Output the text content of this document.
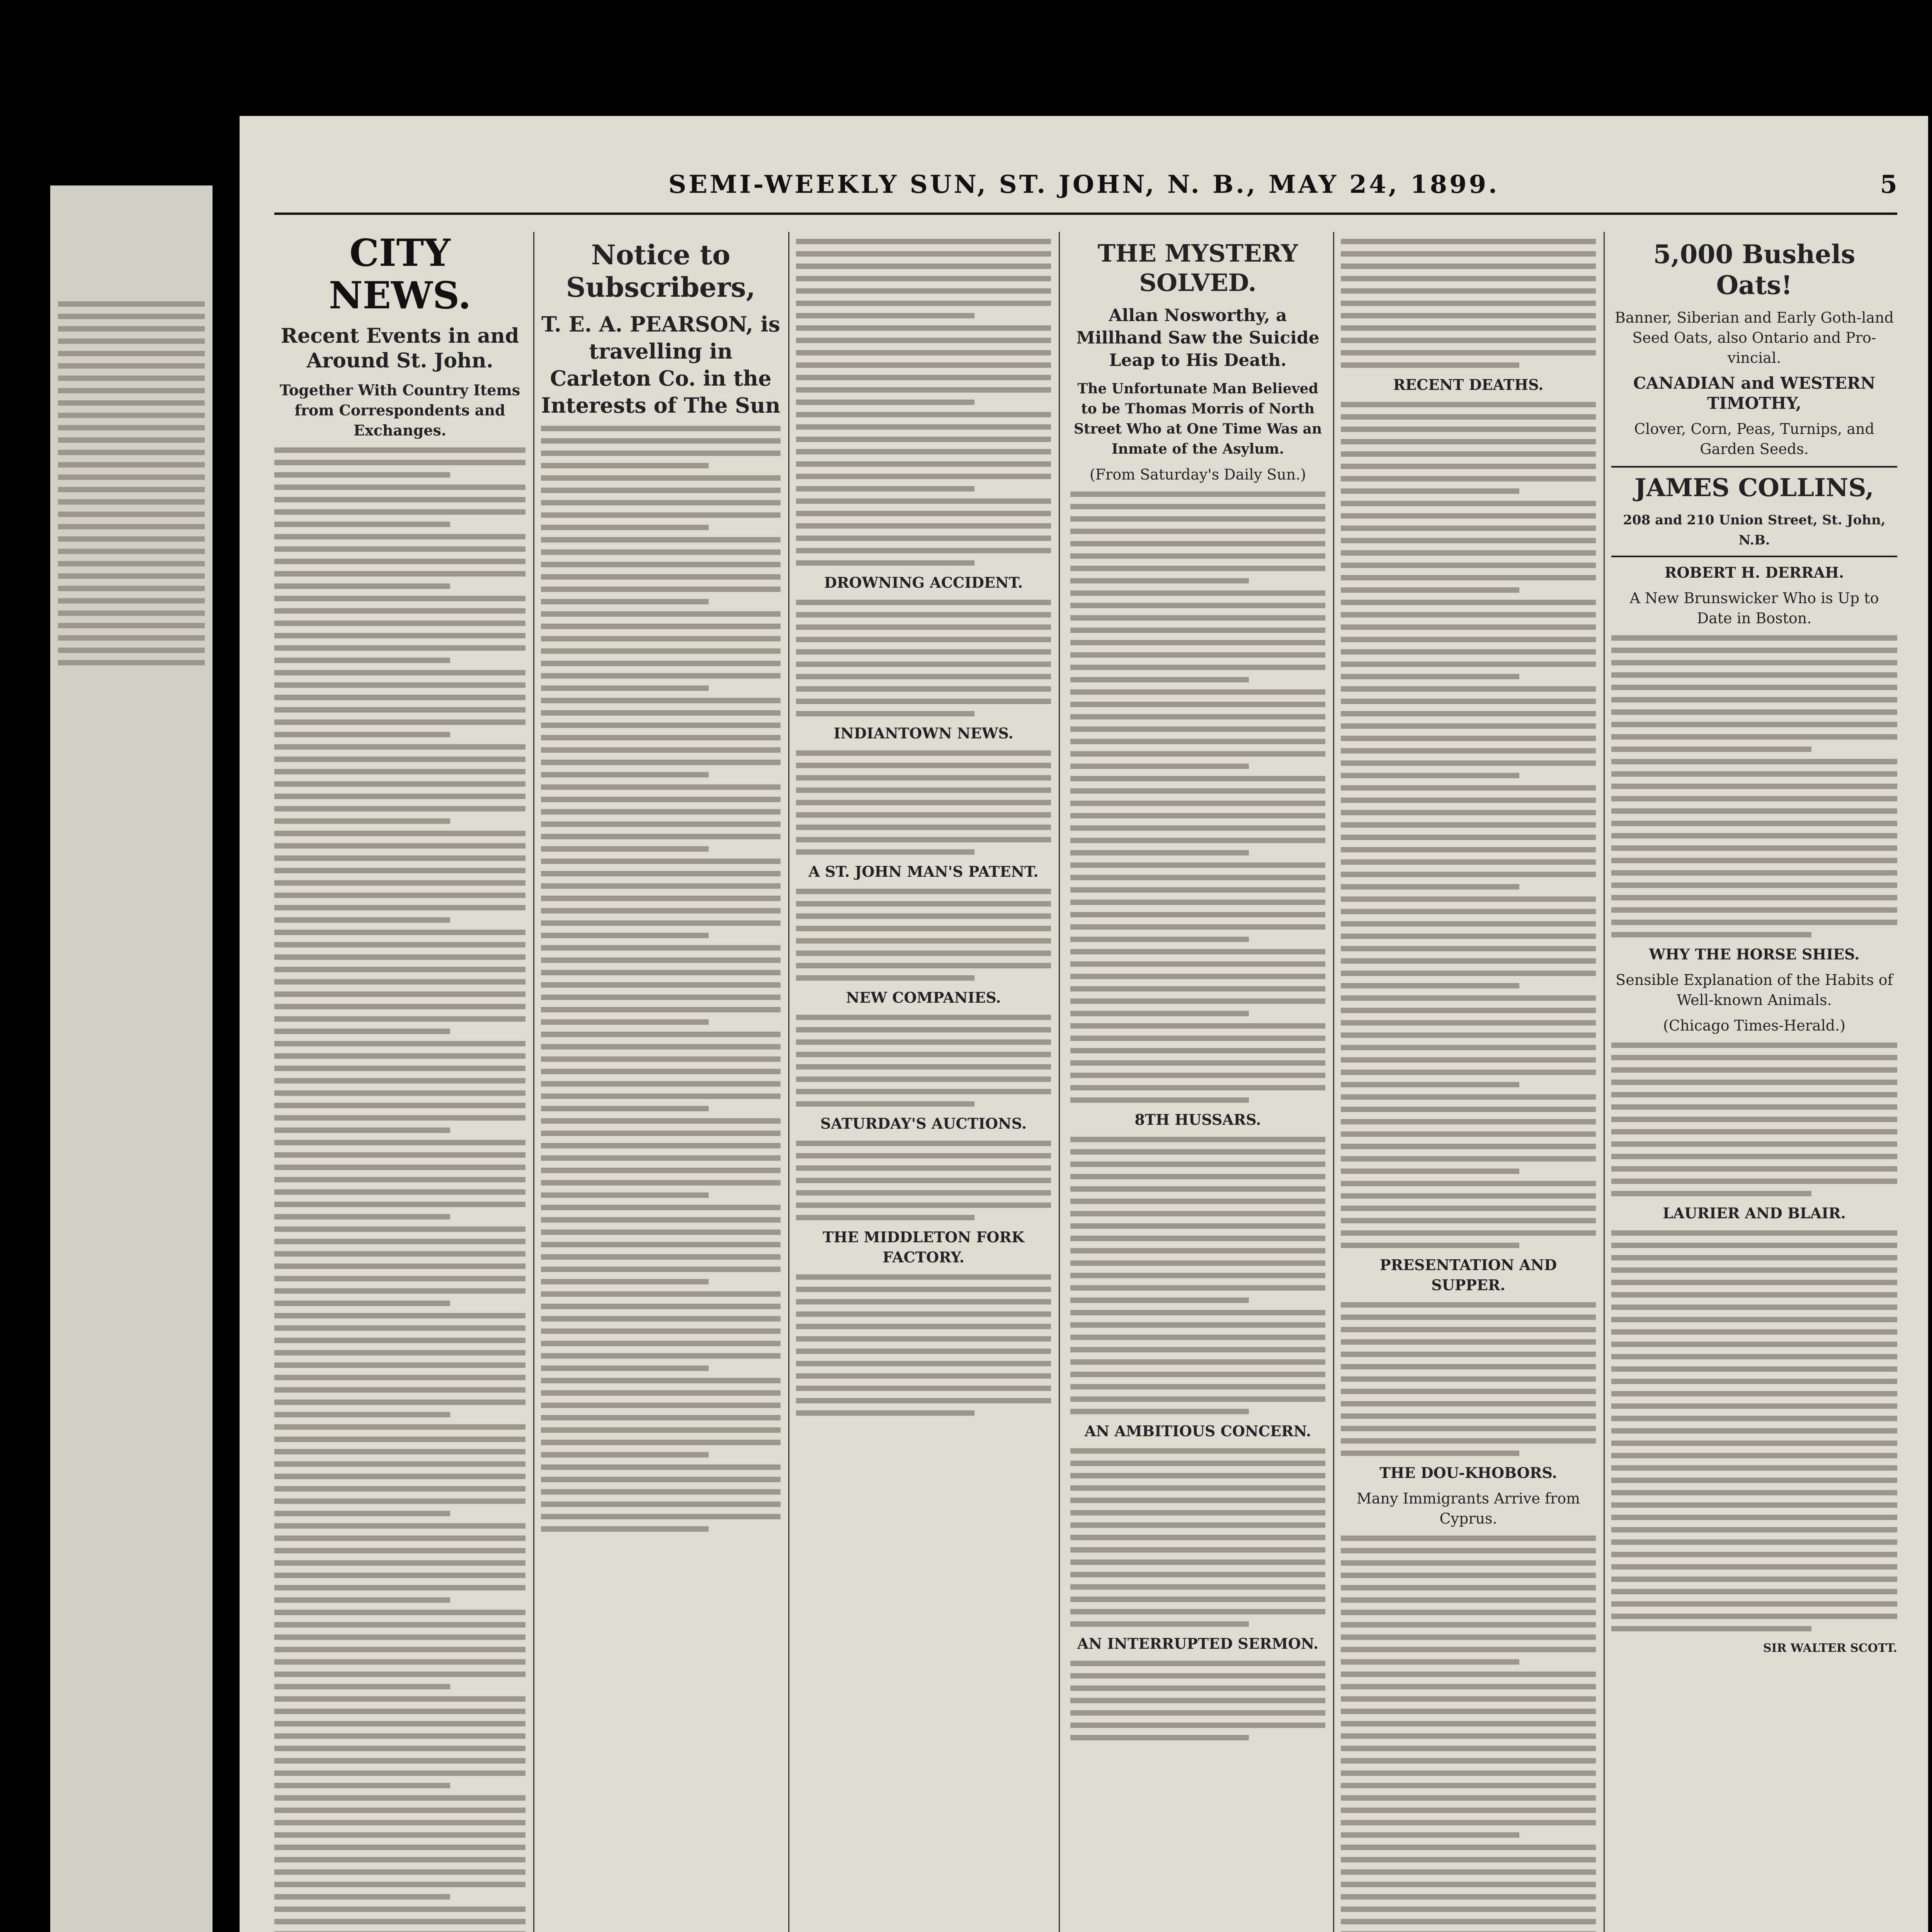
SEMI-WEEKLY SUN, ST. JOHN, N. B., MAY 24, 1899.	5
CITY NEWS.
Recent Events in and Around St. John.
Together With Country Items from Correspondents and Exchanges.
Notice to Subscribers,
T. E. A. PEARSON, is travelling in Carleton Co. in the Interests of The Sun
DROWNING ACCIDENT.
INDIANTOWN NEWS.
A ST. JOHN MAN'S PATENT.
NEW COMPANIES.
SATURDAY'S AUCTIONS.
THE MIDDLETON FORK FACTORY.
THE MYSTERY SOLVED.
Allan Nosworthy, a Millhand Saw the Suicide Leap to His Death.
The Unfortunate Man Believed to be Thomas Morris of North Street Who at One Time Was an Inmate of the Asylum.
(From Saturday's Daily Sun.)
8TH HUSSARS.
AN AMBITIOUS CONCERN.
AN INTERRUPTED SERMON.
RECENT DEATHS.
PRESENTATION AND SUPPER.
THE DOU-KHOBORS.
Many Immigrants Arrive from Cyprus.
5,000 Bushels Oats!
Banner, Siberian and Early Goth-land Seed Oats, also Ontario and Pro-vincial.
CANADIAN and WESTERN TIMOTHY,
Clover, Corn, Peas, Turnips, and Garden Seeds.
JAMES COLLINS,
208 and 210 Union Street, St. John, N.B.
ROBERT H. DERRAH.
A New Brunswicker Who is Up to Date in Boston.
WHY THE HORSE SHIES.
Sensible Explanation of the Habits of Well-known Animals.
(Chicago Times-Herald.)
LAURIER AND BLAIR.
SIR WALTER SCOTT.
